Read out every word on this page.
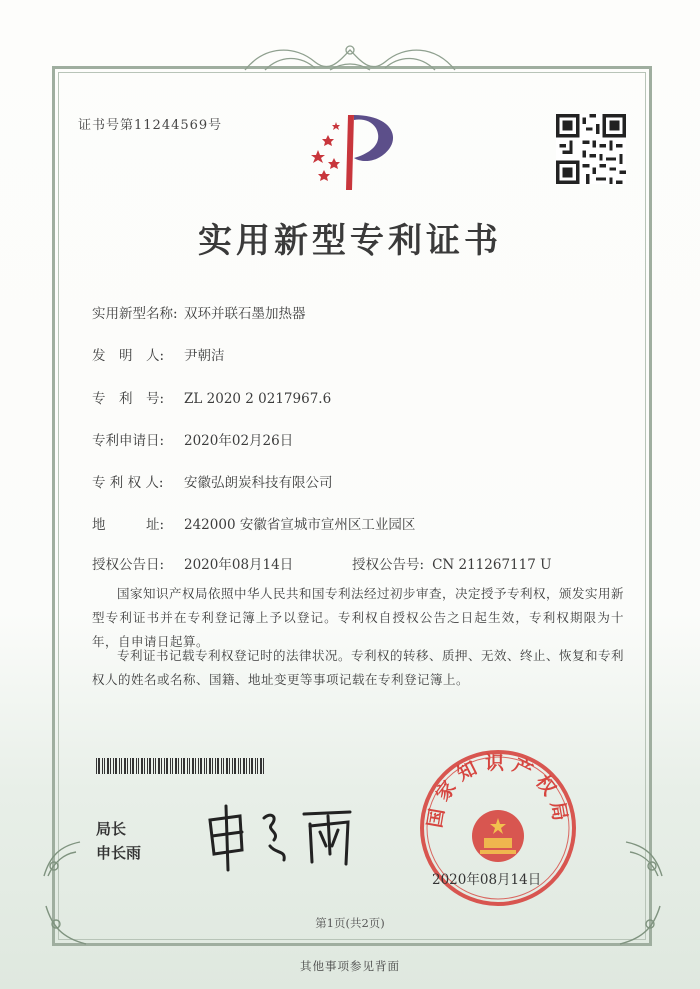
证书号第11244569号
实用新型专利证书
实用新型名称: 双环并联石墨加热器
发　明　人: 尹朝洁
专　利　号: ZL 2020 2 0217967.6
专利申请日: 2020年02月26日
专 利 权 人: 安徽弘朗炭科技有限公司
地　　　址: 242000 安徽省宣城市宣州区工业园区
授权公告日: 2020年08月14日	授权公告号: CN 211267117 U
国家知识产权局依照中华人民共和国专利法经过初步审查，决定授予专利权，颁发实用新型专利证书并在专利登记簿上予以登记。专利权自授权公告之日起生效，专利权期限为十年，自申请日起算。
专利证书记载专利权登记时的法律状况。专利权的转移、质押、无效、终止、恢复和专利权人的姓名或名称、国籍、地址变更等事项记载在专利登记簿上。
局长
申长雨
国家知识产权局
2020年08月14日
第1页(共2页)
其他事项参见背面
